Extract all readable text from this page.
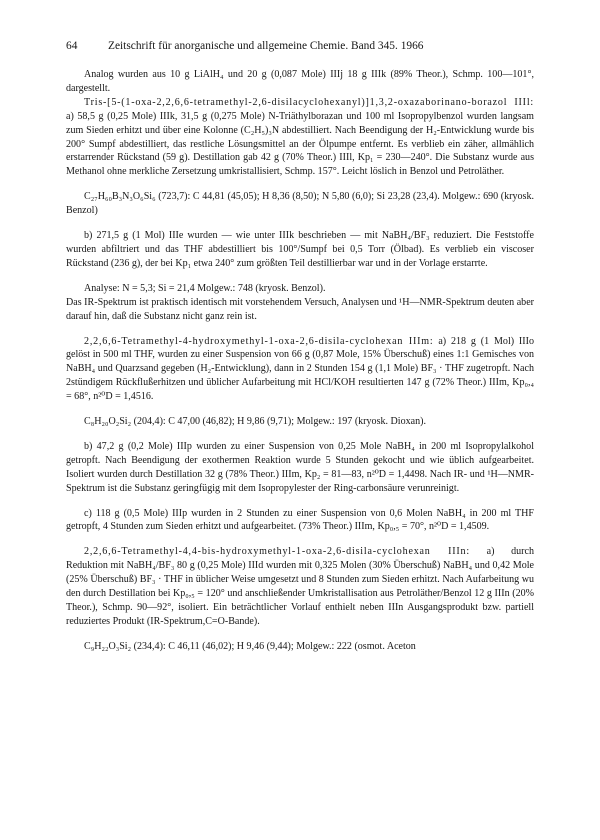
64	Zeitschrift für anorganische und allgemeine Chemie. Band 345. 1966

Analog wurden aus 10 g LiAlH₄ und 20 g (0,087 Mole) IIIj 18 g IIIk (89% Theor.), Schmp. 100—101°, dargestellt.

Tris-[5-(1-oxa-2,2,6,6-tetramethyl-2,6-disilacyclohexanyl)]1,3,2-oxazaborinano-borazol IIIl: a) 58,5 g (0,25 Mole) IIIk, 31,5 g (0,275 Mole) N-Triäthylborazan und 100 ml Isopropylbenzol wurden langsam zum Sieden erhitzt und über eine Kolonne (C₂H₅)₃N abdestilliert. Nach Beendigung der H₂-Entwicklung wurde bis 200° Sumpf abdestilliert, das restliche Lösungsmittel an der Ölpumpe entfernt. Es verblieb ein zäher, allmählich erstarrender Rückstand (59 g). Destillation gab 42 g (70% Theor.) IIIl, Kp₁ = 230—240°. Die Substanz wurde aus Methanol ohne merkliche Zersetzung umkristallisiert, Schmp. 157°. Leicht löslich in Benzol und Petroläther.

C₂₇H₆₀B₃N₃O₆Si₆ (723,7): C 44,81 (45,05); H 8,36 (8,50); N 5,80 (6,0); Si 23,28 (23,4). Molgew.: 690 (kryosk. Benzol)

b) 271,5 g (1 Mol) IIIe wurden — wie unter IIIk beschrieben — mit NaBH₄/BF₃ reduziert. Die Feststoffe wurden abfiltriert und das THF abdestilliert bis 100°/Sumpf bei 0,5 Torr (Ölbad). Es verblieb ein viscoser Rückstand (236 g), der bei Kp₁ etwa 240° zum größten Teil destillierbar war und in der Vorlage erstarrte.

Analyse: N = 5,3; Si = 21,4 Molgew.: 748 (kryosk. Benzol).

Das IR-Spektrum ist praktisch identisch mit vorstehendem Versuch, Analysen und ¹H—NMR-Spektrum deuten aber darauf hin, daß die Substanz nicht ganz rein ist.

2,2,6,6-Tetramethyl-4-hydroxymethyl-1-oxa-2,6-disila-cyclohexan IIIm: a) 218 g (1 Mol) IIIo gelöst in 500 ml THF, wurden zu einer Suspension von 66 g (0,87 Mole, 15% Überschuß) eines 1:1 Gemisches von NaBH₄ und Quarzsand gegeben (H₂-Entwicklung), dann in 2 Stunden 154 g (1,1 Mole) BF₃ · THF zugetropft. Nach 2stündigem Rückflußerhitzen und üblicher Aufarbeitung mit HCl/KOH resultierten 147 g (72% Theor.) IIIm, Kp₀,₄ = 68°, n²⁰D = 1,4516.

C₈H₂₀O₂Si₂ (204,4): C 47,00 (46,82); H 9,86 (9,71); Molgew.: 197 (kryosk. Dioxan).

b) 47,2 g (0,2 Mole) IIIp wurden zu einer Suspension von 0,25 Mole NaBH₄ in 200 ml Isopropylalkohol getropft. Nach Beendigung der exothermen Reaktion wurde 5 Stunden gekocht und wie üblich aufgearbeitet. Isoliert wurden durch Destillation 32 g (78% Theor.) IIIm, Kp₂ = 81—83, n²⁰D = 1,4498. Nach IR- und ¹H—NMR-Spektrum ist die Substanz geringfügig mit dem Isopropylester der Ring-carbonsäure verunreinigt.

c) 118 g (0,5 Mole) IIIp wurden in 2 Stunden zu einer Suspension von 0,6 Molen NaBH₄ in 200 ml THF getropft, 4 Stunden zum Sieden erhitzt und aufgearbeitet. (73% Theor.) IIIm, Kp₀,₅ = 70°, n²⁰D = 1,4509.

2,2,6,6-Tetramethyl-4,4-bis-hydroxymethyl-1-oxa-2,6-disila-cyclohexan IIIn: a) durch Reduktion mit NaBH₄/BF₃ 80 g (0,25 Mole) IIId wurden mit 0,325 Molen (30% Überschuß) NaBH₄ und 0,42 Mole (25% Überschuß) BF₃ · THF in üblicher Weise umgesetzt und 8 Stunden zum Sieden erhitzt. Nach Aufarbeitung wu den durch Destillation bei Kp₀,₅ = 120° und anschließender Umkristallisation aus Petroläther/Benzol 12 g IIIn (20% Theor.), Schmp. 90—92°, isoliert. Ein beträchtlicher Vorlauf enthielt neben IIIn Ausgangsprodukt bzw. partiell reduziertes Produkt (IR-Spektrum,C=O-Bande).

C₉H₂₂O₃Si₂ (234,4): C 46,11 (46,02); H 9,46 (9,44); Molgew.: 222 (osmot. Aceton
